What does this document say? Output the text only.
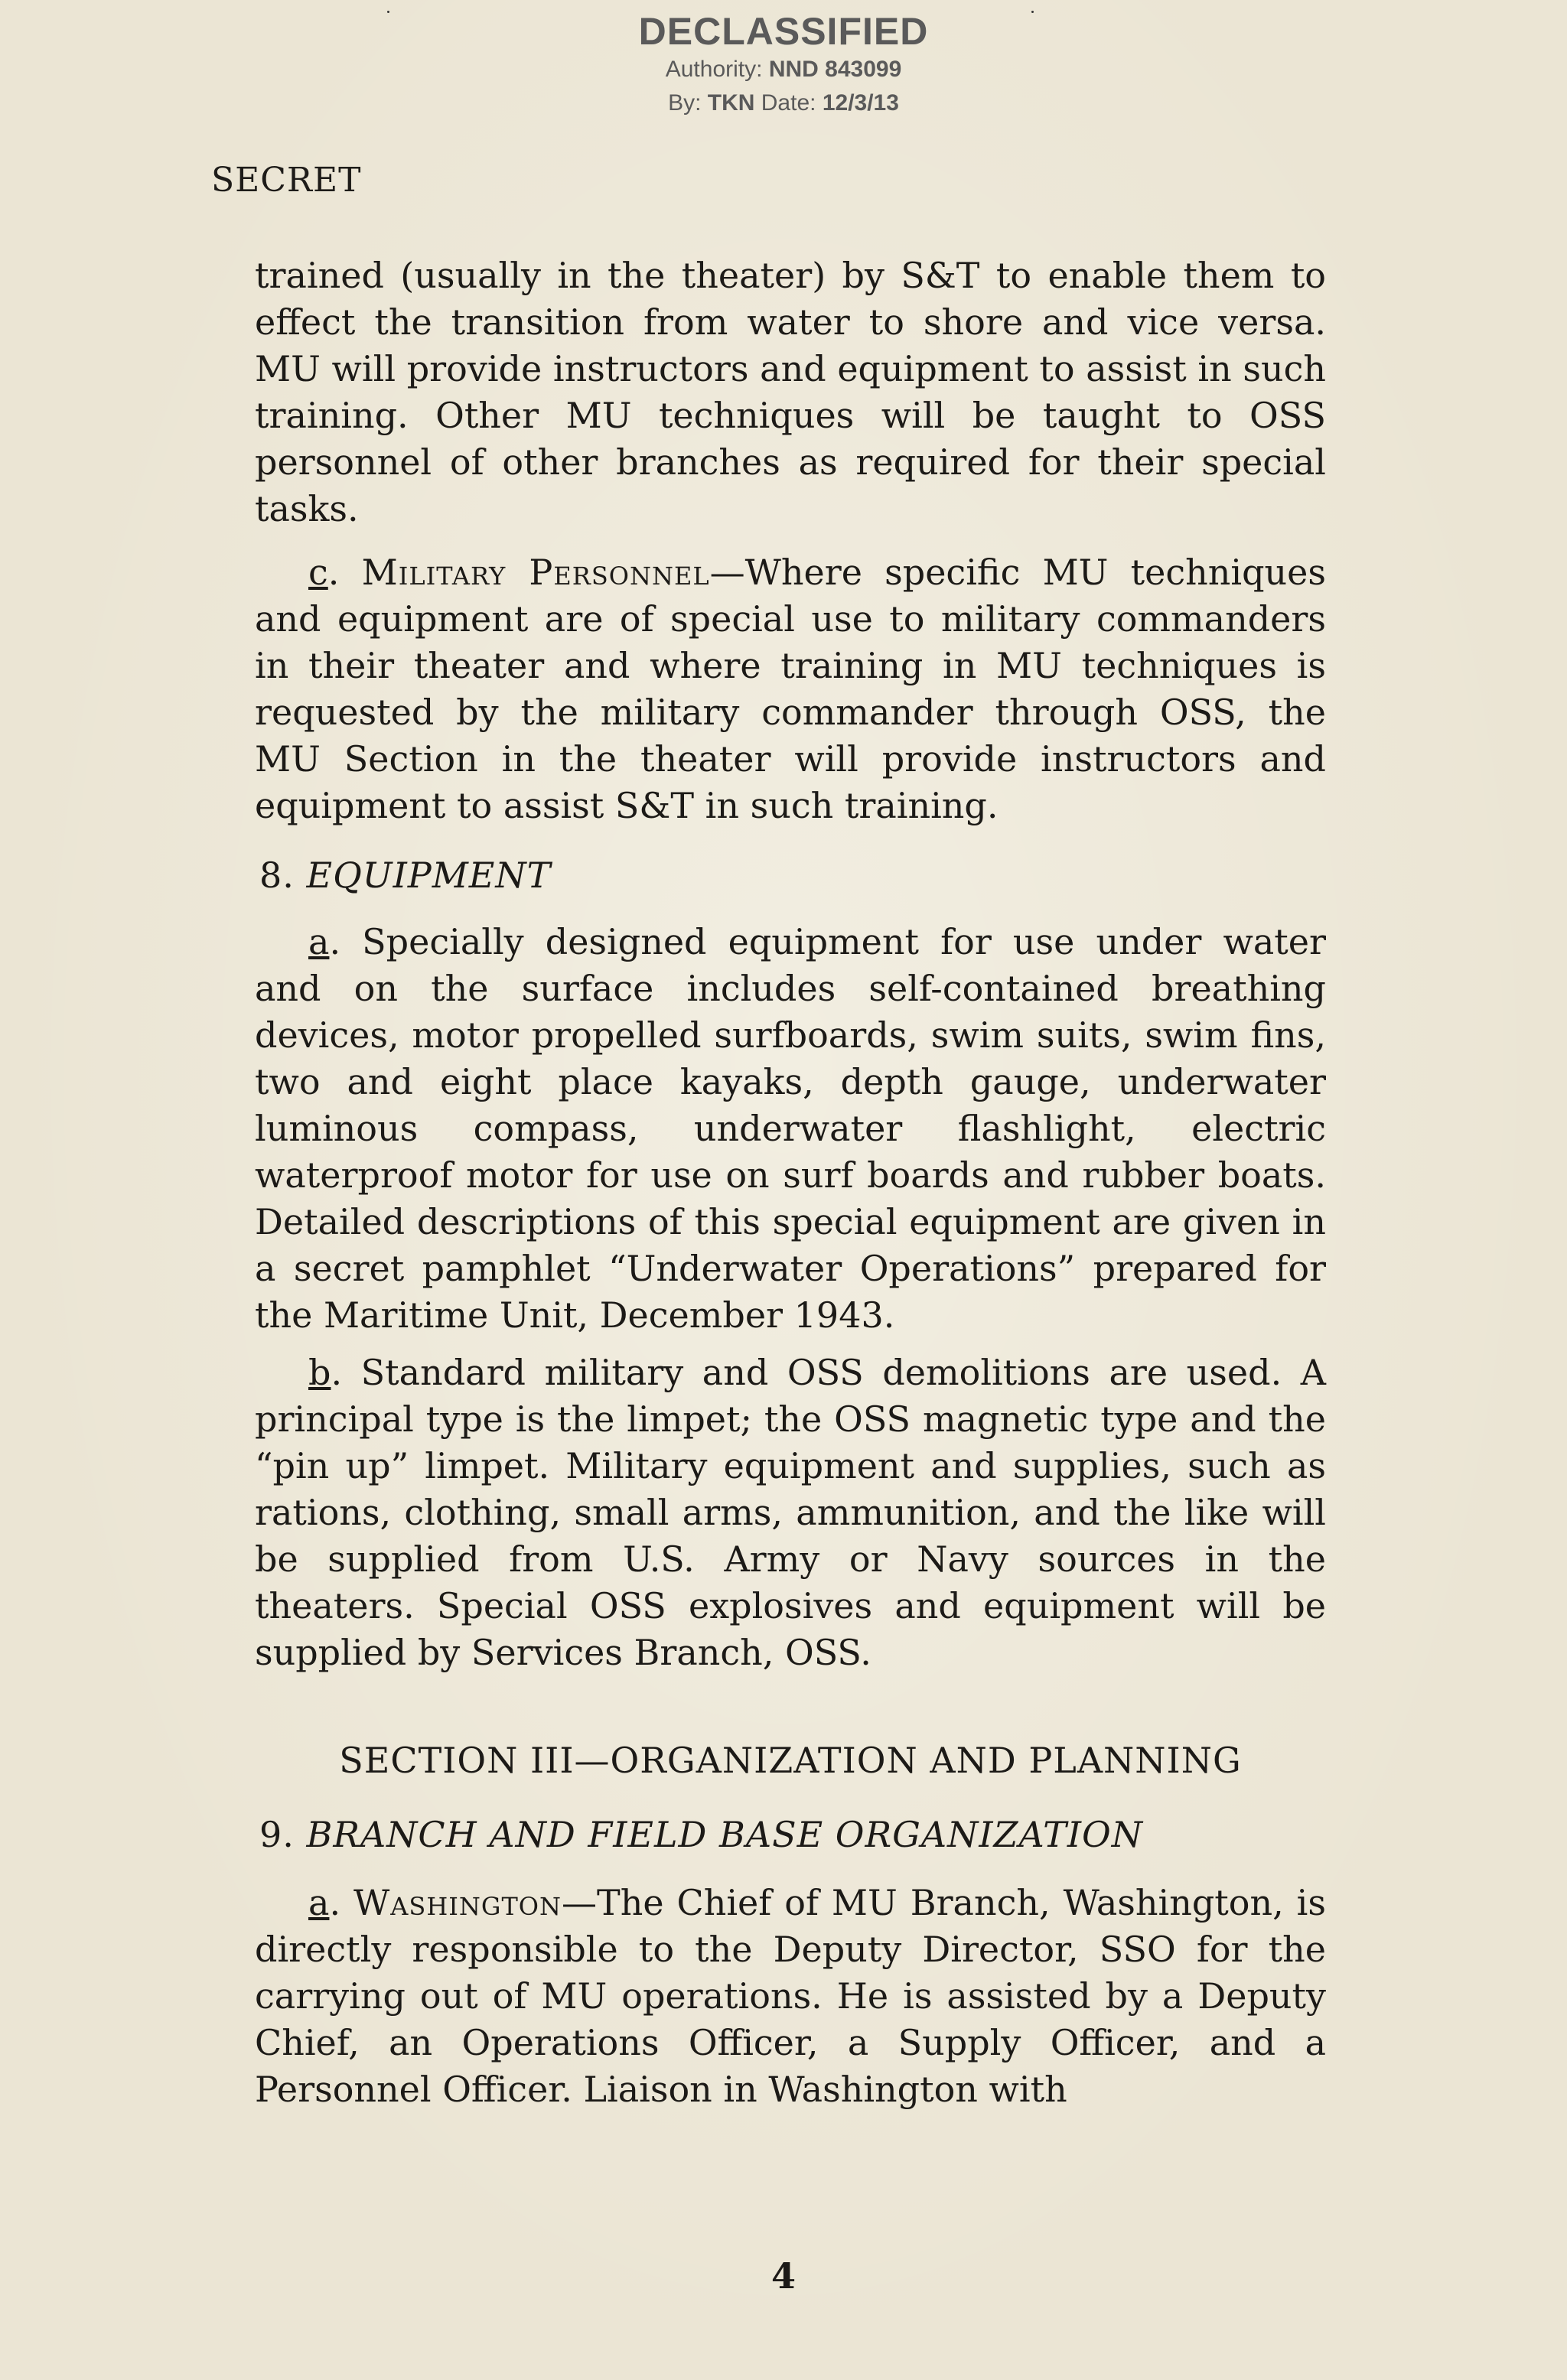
DECLASSIFIED
Authority: NND 843099
By: TKN Date: 12/3/13
SECRET

trained (usually in the theater) by S&T to enable them to effect the transition from water to shore and vice versa. MU will provide instructors and equipment to assist in such training. Other MU techniques will be taught to OSS personnel of other branches as required for their special tasks.

c. Military Personnel—Where specific MU techniques and equipment are of special use to military commanders in their theater and where training in MU techniques is requested by the military commander through OSS, the MU Section in the theater will provide instructors and equipment to assist S&T in such training.

8. EQUIPMENT

a. Specially designed equipment for use under water and on the surface includes self-contained breathing devices, motor propelled surfboards, swim suits, swim fins, two and eight place kayaks, depth gauge, underwater luminous compass, underwater flashlight, electric waterproof motor for use on surf boards and rubber boats. Detailed descriptions of this special equipment are given in a secret pamphlet “Underwater Operations” prepared for the Maritime Unit, December 1943.

b. Standard military and OSS demolitions are used. A principal type is the limpet; the OSS magnetic type and the “pin up” limpet. Military equipment and supplies, such as rations, clothing, small arms, ammunition, and the like will be supplied from U.S. Army or Navy sources in the theaters. Special OSS explosives and equipment will be supplied by Services Branch, OSS.

SECTION III—ORGANIZATION AND PLANNING

9. BRANCH AND FIELD BASE ORGANIZATION

a. Washington—The Chief of MU Branch, Washington, is directly responsible to the Deputy Director, SSO for the carrying out of MU operations. He is assisted by a Deputy Chief, an Operations Officer, a Supply Officer, and a Personnel Officer. Liaison in Washington with

4
